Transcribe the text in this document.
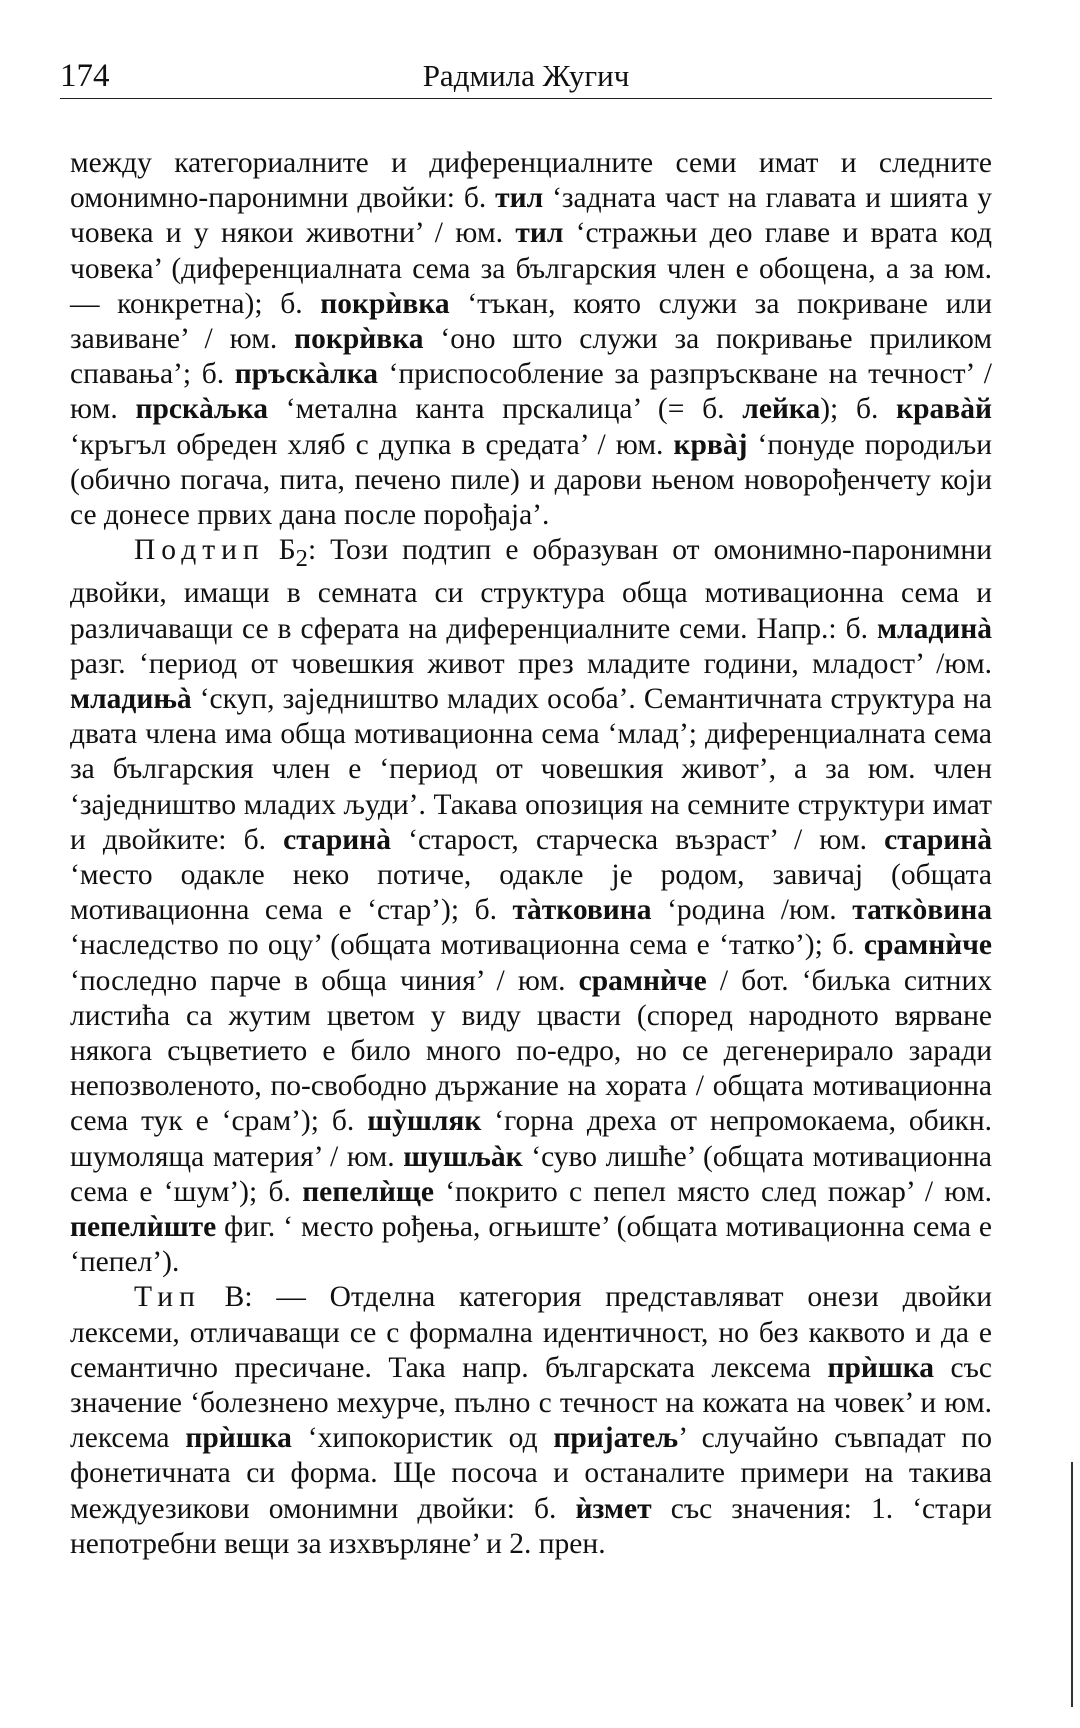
174	Радмила Жугич

между категориалните и диференциалните семи имат и следните омонимно-паронимни двойки: б. тил ‘задната част на главата и шията у човека и у някои животни’ / юм. тил ‘стражњи део главе и врата код човека’ (диференциалната сема за българския член е обощена, а за юм. — конкретна); б. покрѝвка ‘тъкан, която служи за покриване или завиване’ / юм. покрѝвка ‘оно што служи за покривање приликом спавања’; б. пръскàлка ‘приспособление за разпръскване на течност’ / юм. прскàљка ‘метална канта прскалица’ (= б. лейка); б. кравàй ‘кръгъл обреден хляб с дупка в средата’ / юм. крвàј ‘понуде породиљи (обично погача, пита, печено пиле) и дарови њеном новорођенчету који се донесе првих дана после порођаја’.

Подтип $Б_2$: Този подтип е образуван от омонимно-паронимни двойки, имащи в семната си структура обща мотивационна сема и различаващи се в сферата на диференциалните семи. Напр.: б. младинà разг. ‘период от човешкия живот през младите години, младост’ /юм. младињà ‘скуп, заједништво младих особа’. Семантичната структура на двата члена има обща мотивационна сема ‘млад’; диференциалната сема за българския член е ‘период от човешкия живот’, а за юм. член ‘заједништво младих људи’. Такава опозиция на семните структури имат и двойките: б. старинà ‘старост, старческа възраст’ / юм. старинà ‘место одакле неко потиче, одакле је родом, завичај (общата мотивационна сема е ‘стар’); б. тàтковина ‘родина /юм. таткòвина ‘наследство по оцу’ (общата мотивационна сема е ‘татко’); б. срамнѝче ‘последно парче в обща чиния’ / юм. срамнѝче / бот. ‘биљка ситних листића са жутим цветом у виду цвасти (според народното вярване някога съцветието е било много по-едро, но се дегенерирало заради непозволеното, по-свободно държание на хората / общата мотивационна сема тук е ‘срам’); б. шỳшляк ‘горна дреха от непромокаема, обикн. шумоляща материя’ / юм. шушљàк ‘суво лишће’ (общата мотивационна сема е ‘шум’); б. пепелѝще ‘покрито с пепел място след пожар’ / юм. пепелѝште фиг. ‘ место рођења, огњиште’ (общата мотивационна сема е ‘пепел’).

Тип В: — Отделна категория представляват онези двойки лексеми, отличаващи се с формална идентичност, но без каквото и да е семантично пресичане. Така напр. българската лексема прѝшка със значение ‘болезнено мехурче, пълно с течност на кожата на човек’ и юм. лексема прѝшка ‘хипокористик од пријатељ’ случайно съвпадат по фонетичната си форма. Ще посоча и останалите примери на такива междуезикови омонимни двойки: б. ѝзмет със значения: 1. ‘стари непотребни вещи за изхвърляне’ и 2. прен.
